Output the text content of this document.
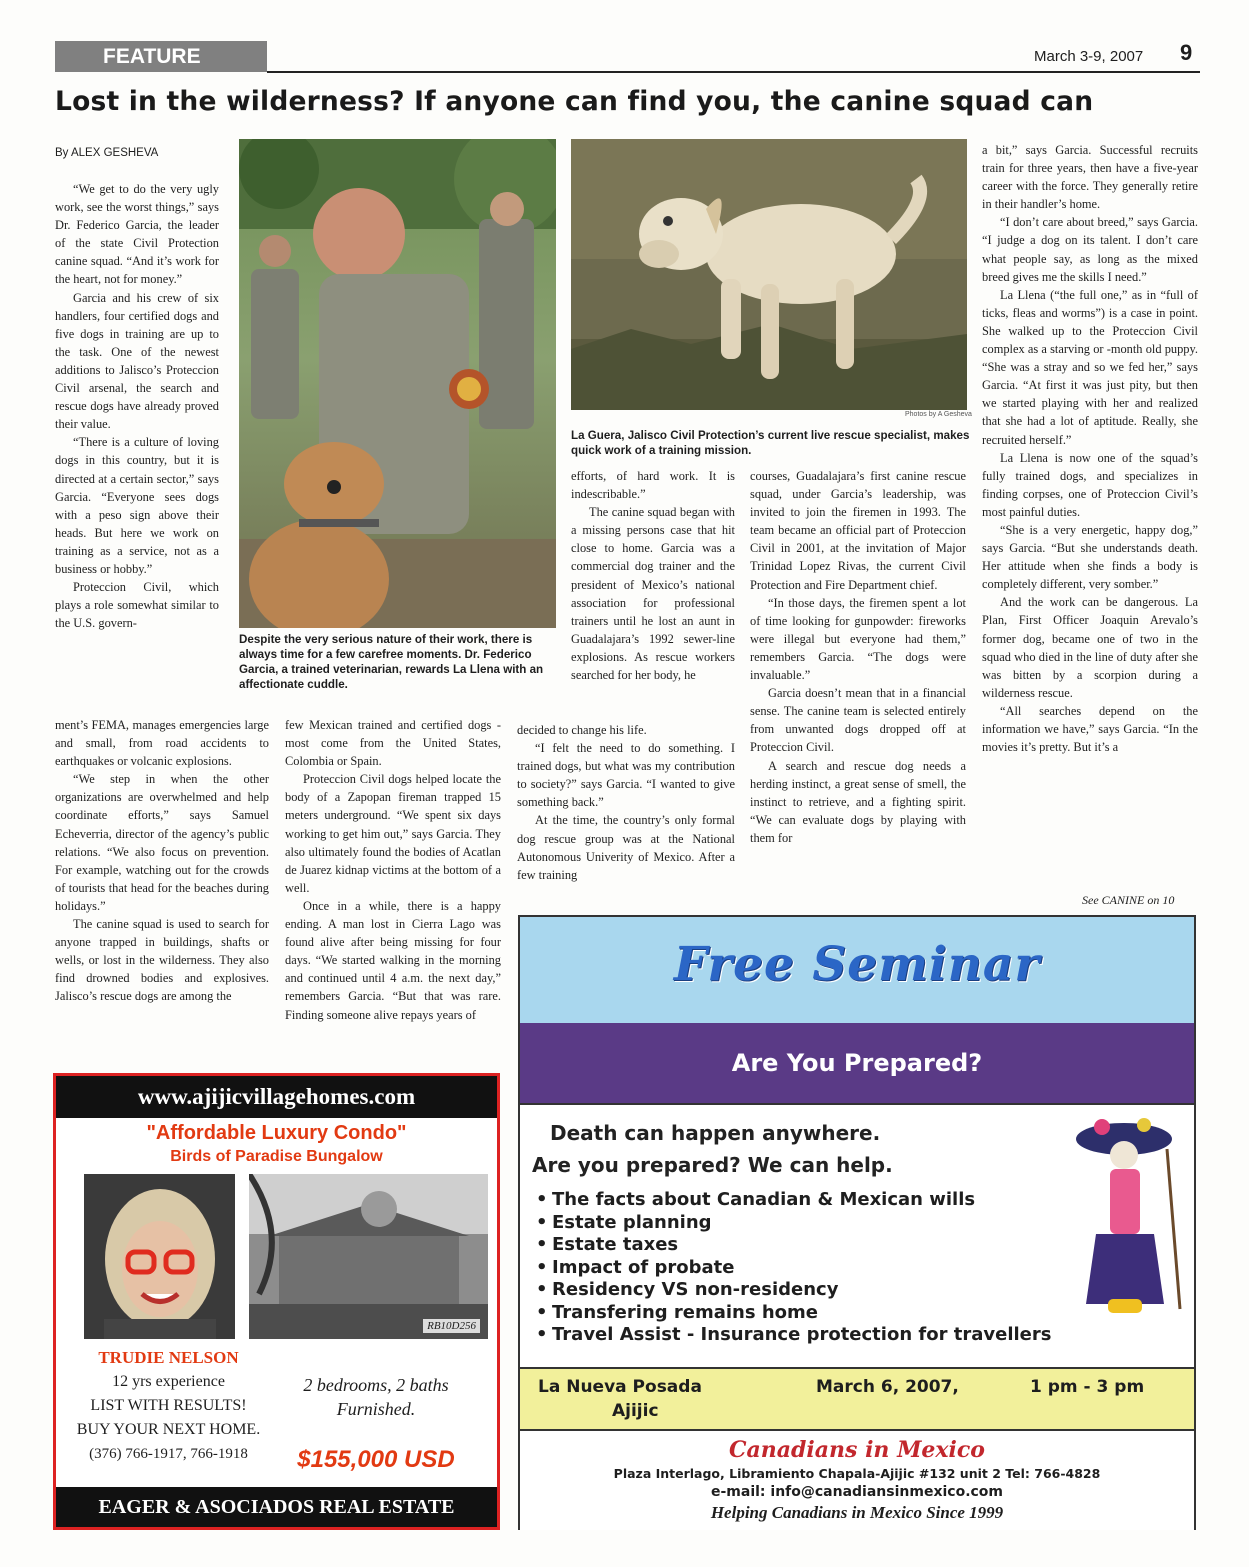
FEATURE	March 3-9, 2007 9
Lost in the wilderness? If anyone can find you, the canine squad can
By ALEX GESHEVA

“We get to do the very ugly work, see the worst things,” says Dr. Federico Garcia, the leader of the state Civil Protection canine squad. “And it’s work for the heart, not for money.”

Garcia and his crew of six handlers, four certified dogs and five dogs in training are up to the task. One of the newest additions to Jalisco’s Proteccion Civil arsenal, the search and rescue dogs have already proved their value.

“There is a culture of loving dogs in this country, but it is directed at a certain sector,” says Garcia. “Everyone sees dogs with a peso sign above their heads. But here we work on training as a service, not as a business or hobby.”

Proteccion Civil, which plays a role somewhat similar to the U.S. govern-

Despite the very serious nature of their work, there is always time for a few carefree moments. Dr. Federico Garcia, a trained veterinarian, rewards La Llena with an affectionate cuddle.

ment’s FEMA, manages emergencies large and small, from road accidents to earthquakes or volcanic explosions.

“We step in when the other organizations are overwhelmed and help coordinate efforts,” says Samuel Echeverria, director of the agency’s public relations. “We also focus on prevention. For example, watching out for the crowds of tourists that head for the beaches during holidays.”

The canine squad is used to search for anyone trapped in buildings, shafts or wells, or lost in the wilderness. They also find drowned bodies and explosives. Jalisco’s rescue dogs are among the

few Mexican trained and certified dogs - most come from the United States, Colombia or Spain.

Proteccion Civil dogs helped locate the body of a Zapopan fireman trapped 15 meters underground. “We spent six days working to get him out,” says Garcia. They also ultimately found the bodies of Acatlan de Juarez kidnap victims at the bottom of a well.

Once in a while, there is a happy ending. A man lost in Cierra Lago was found alive after being missing for four days. “We started walking in the morning and continued until 4 a.m. the next day,” remembers Garcia. “But that was rare. Finding someone alive repays years of

Photos by A Gesheva
La Guera, Jalisco Civil Protection’s current live rescue specialist, makes quick work of a training mission.

efforts, of hard work. It is indescribable.”

The canine squad began with a missing persons case that hit close to home. Garcia was a commercial dog trainer and the president of Mexico’s national association for professional trainers until he lost an aunt in Guadalajara’s 1992 sewer-line explosions. As rescue workers searched for her body, he

decided to change his life.

“I felt the need to do something. I trained dogs, but what was my contribution to society?” says Garcia. “I wanted to give something back.”

At the time, the country’s only formal dog rescue group was at the National Autonomous Univerity of Mexico. After a few training

courses, Guadalajara’s first canine rescue squad, under Garcia’s leadership, was invited to join the firemen in 1993. The team became an official part of Proteccion Civil in 2001, at the invitation of Major Trinidad Lopez Rivas, the current Civil Protection and Fire Department chief.

“In those days, the firemen spent a lot of time looking for gunpowder: fireworks were illegal but everyone had them,” remembers Garcia. “The dogs were invaluable.”

Garcia doesn’t mean that in a financial sense. The canine team is selected entirely from unwanted dogs dropped off at Proteccion Civil.

A search and rescue dog needs a herding instinct, a great sense of smell, the instinct to retrieve, and a fighting spirit. “We can evaluate dogs by playing with them for

a bit,” says Garcia. Successful recruits train for three years, then have a five-year career with the force. They generally retire in their handler’s home.

“I don’t care about breed,” says Garcia. “I judge a dog on its talent. I don’t care what people say, as long as the mixed breed gives me the skills I need.”

La Llena (“the full one,” as in “full of ticks, fleas and worms”) is a case in point. She walked up to the Proteccion Civil complex as a starving or -month old puppy. “She was a stray and so we fed her,” says Garcia. “At first it was just pity, but then we started playing with her and realized that she had a lot of aptitude. Really, she recruited herself.”

La Llena is now one of the squad’s fully trained dogs, and specializes in finding corpses, one of Proteccion Civil’s most painful duties.

“She is a very energetic, happy dog,” says Garcia. “But she understands death. Her attitude when she finds a body is completely different, very somber.”

And the work can be dangerous. La Plan, First Officer Joaquin Arevalo’s former dog, became one of two in the squad who died in the line of duty after she was bitten by a scorpion during a wilderness rescue.

“All searches depend on the information we have,” says Garcia. “In the movies it’s pretty. But it’s a

See CANINE on 10
www.ajijicvillagehomes.com
"Affordable Luxury Condo"
Birds of Paradise Bungalow
RB10D256
TRUDIE NELSON
12 yrs experience
LIST WITH RESULTS!
BUY YOUR NEXT HOME.
(376) 766-1917, 766-1918
2 bedrooms, 2 baths
Furnished.
$155,000 USD
EAGER & ASOCIADOS REAL ESTATE
Free Seminar
Are You Prepared?
Death can happen anywhere.
Are you prepared? We can help.
• The facts about Canadian & Mexican wills
• Estate planning
• Estate taxes
• Impact of probate
• Residency VS non-residency
• Transfering remains home
• Travel Assist - Insurance protection for travellers
La Nueva Posada
Ajijic
March 6, 2007,	1 pm - 3 pm
Canadians in Mexico
Plaza Interlago, Libramiento Chapala-Ajijic #132 unit 2 Tel: 766-4828
e-mail: info@canadiansinmexico.com
Helping Canadians in Mexico Since 1999
